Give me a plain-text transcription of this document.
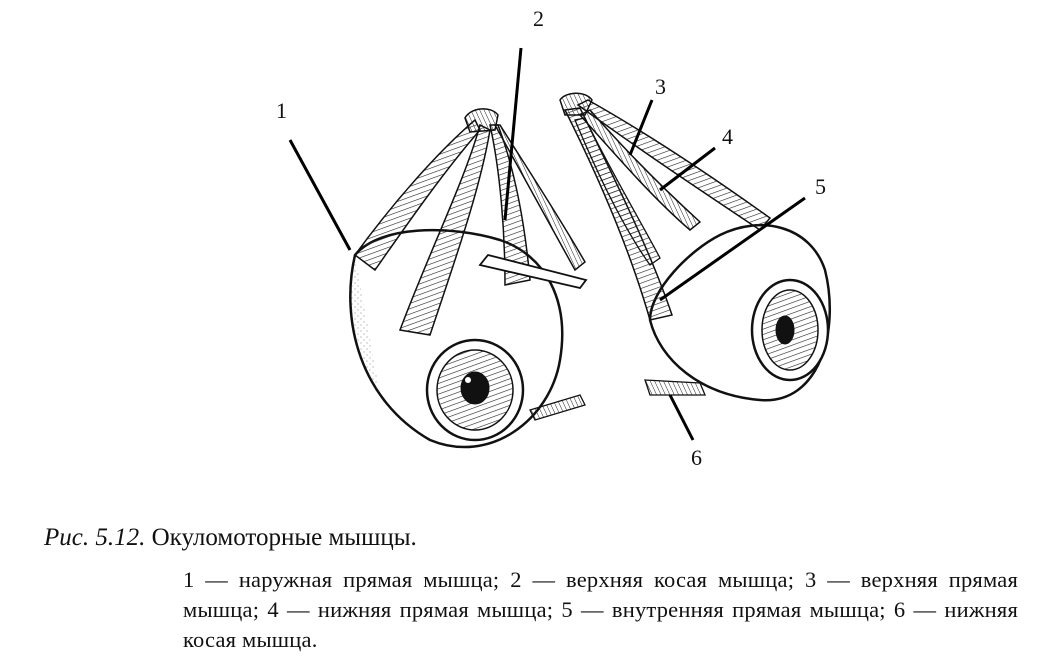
1
2
3
4
5
6
Рис. 5.12. Окуломоторные мышцы.
1 — наружная прямая мышца; 2 — верхняя косая мышца; 3 — верхняя прямая мышца; 4 — нижняя прямая мышца; 5 — внутренняя прямая мышца; 6 — нижняя косая мышца.
